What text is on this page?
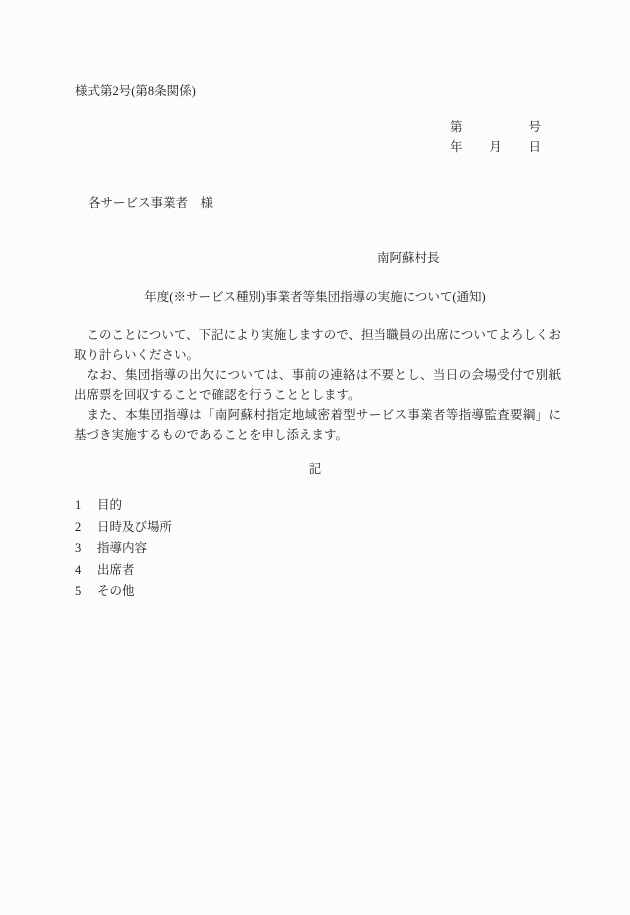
様式第2号(第8条関係)
第	号
年 月 日
各サービス事業者　様
南阿蘇村長
年度(※サービス種別)事業者等集団指導の実施について(通知)

このことについて、下記により実施しますので、担当職員の出席についてよろしくお取り計らいください。

なお、集団指導の出欠については、事前の連絡は不要とし、当日の会場受付で別紙出席票を回収することで確認を行うこととします。

また、本集団指導は「南阿蘇村指定地域密着型サービス事業者等指導監査要綱」に基づき実施するものであることを申し添えます。

記
1 目的
2 日時及び場所
3 指導内容
4 出席者
5 その他
